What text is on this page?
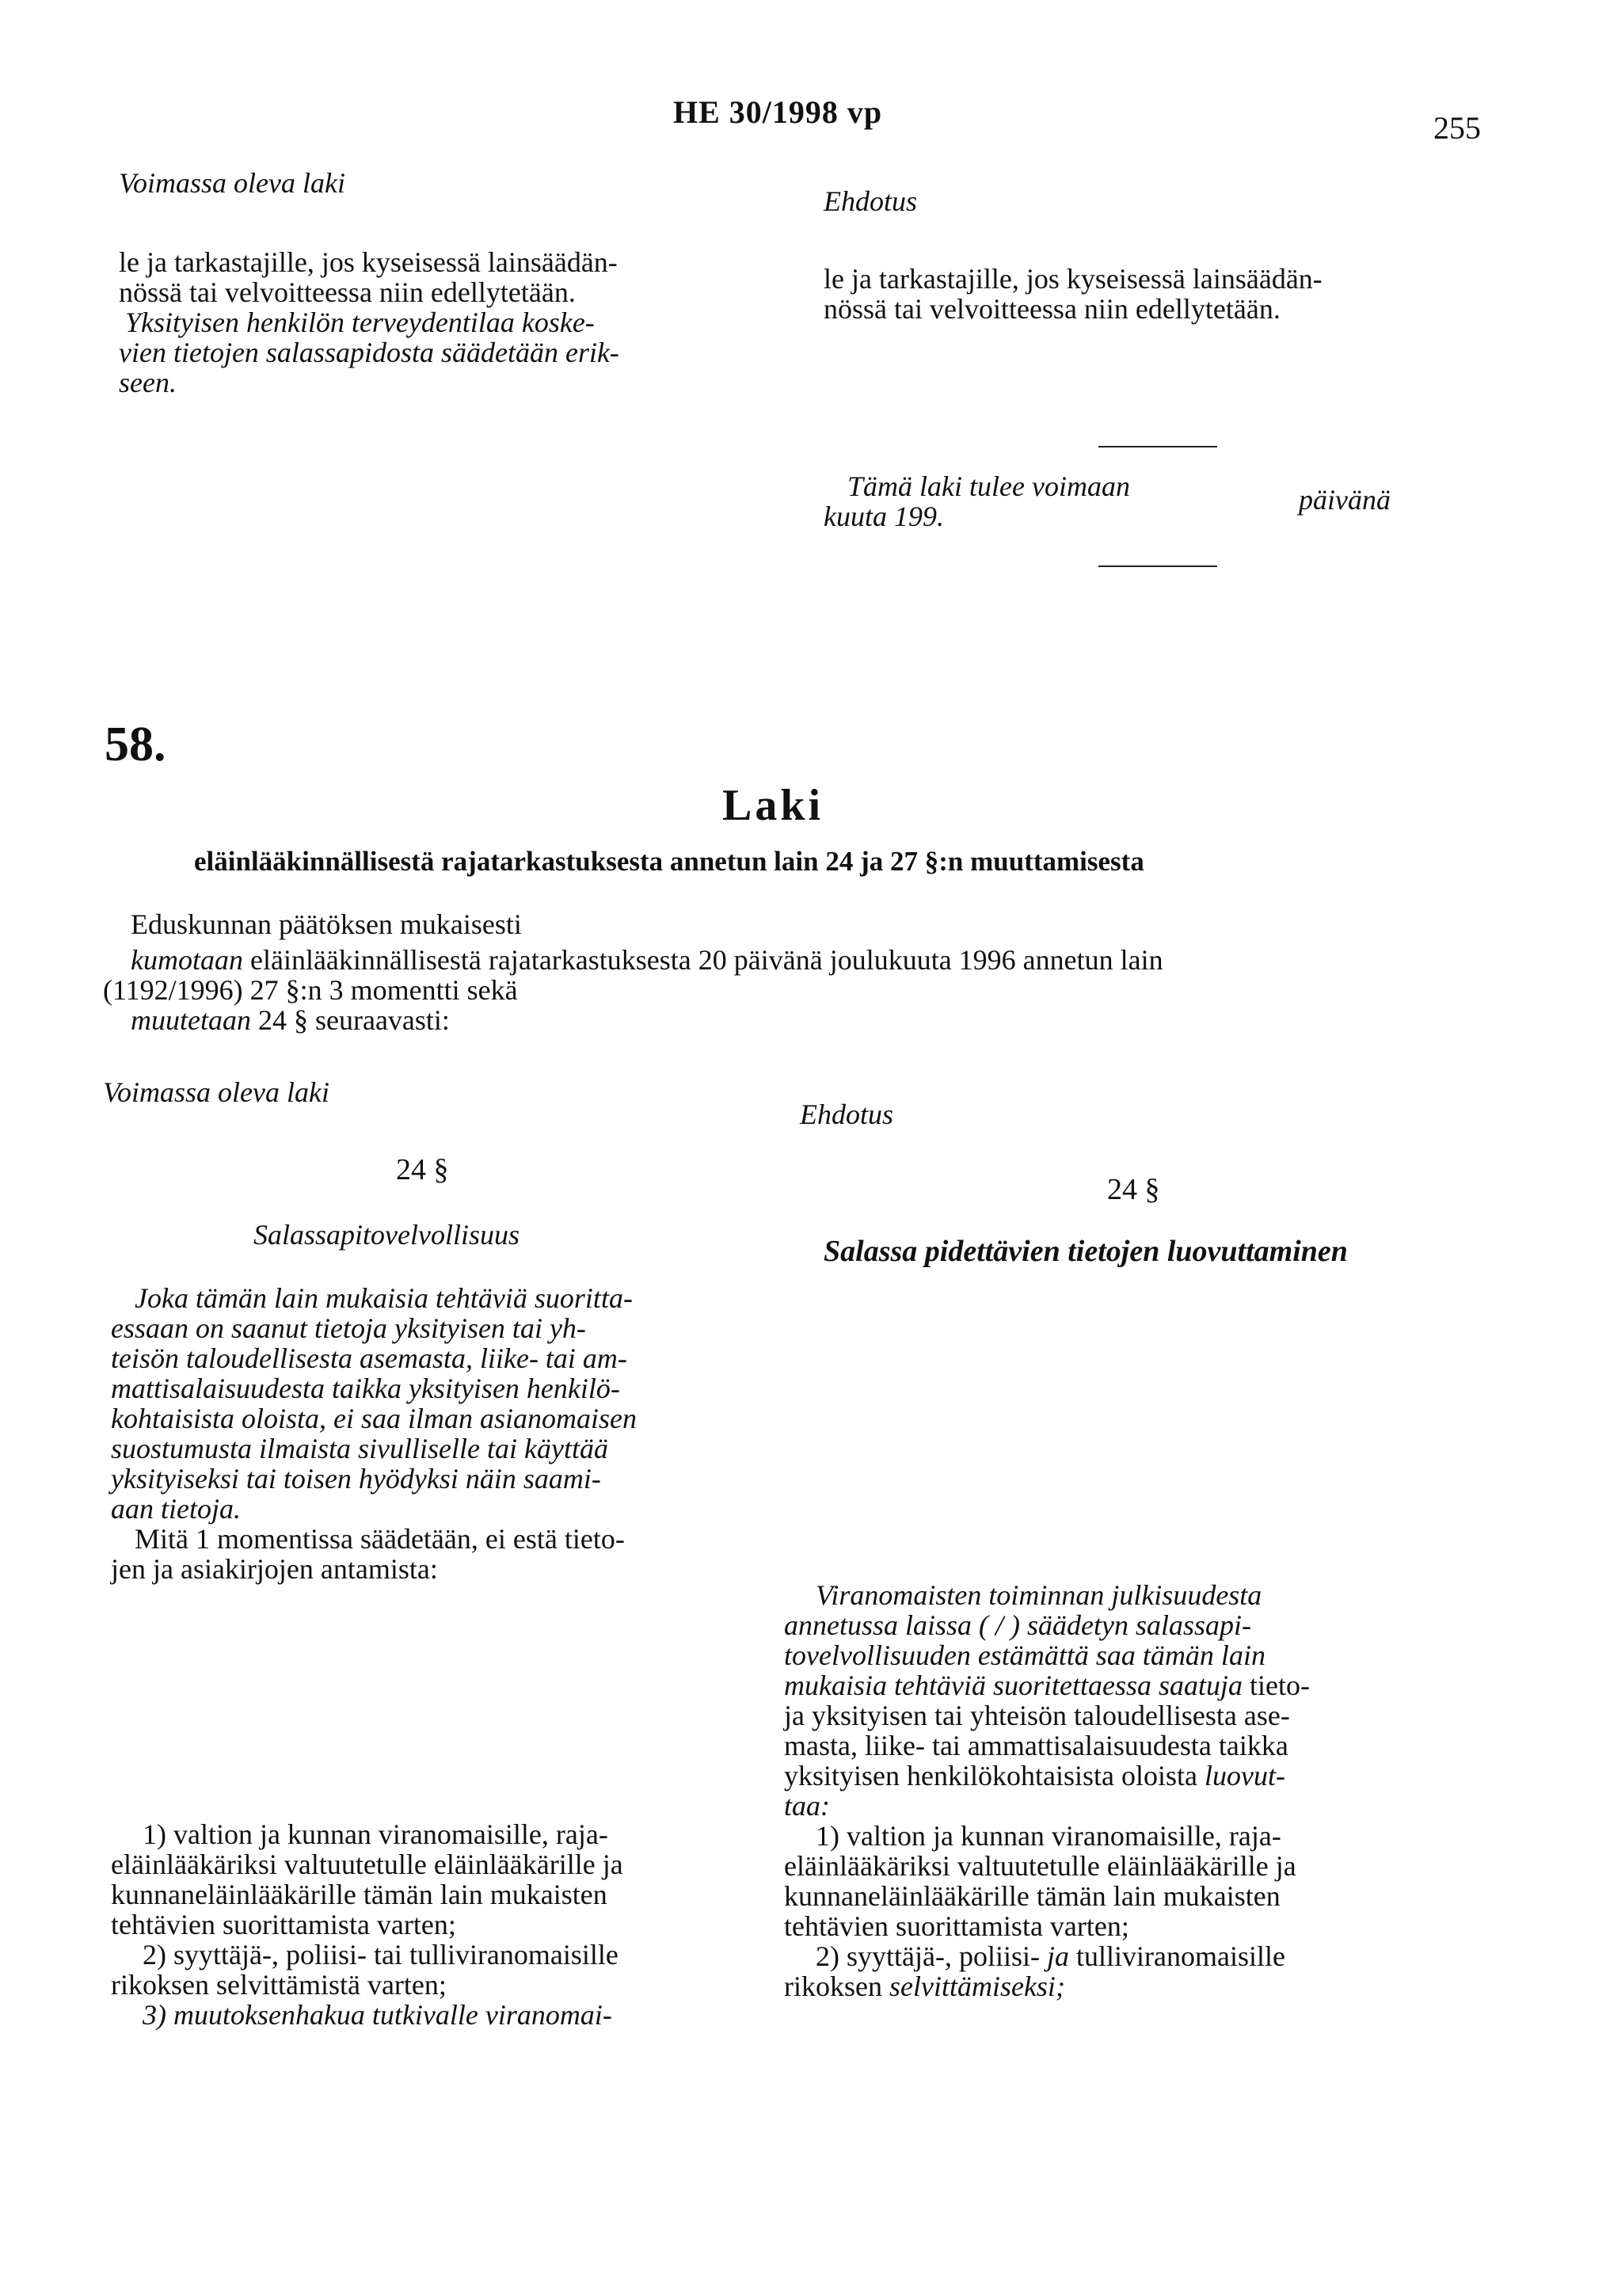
HE 30/1998 vp	255
Voimassa oleva laki
Ehdotus
le ja tarkastajille, jos kyseisessä lainsäädän-
nössä tai velvoitteessa niin edellytetään.
Yksityisen henkilön terveydentilaa koske-
vien tietojen salassapidosta säädetään erik-
seen.
le ja tarkastajille, jos kyseisessä lainsäädän-
nössä tai velvoitteessa niin edellytetään.
Tämä laki tulee voimaan
kuuta 199.
päivänä
58.
Laki
eläinlääkinnällisestä rajatarkastuksesta annetun lain 24 ja 27 §:n muuttamisesta
Eduskunnan päätöksen mukaisesti
kumotaan eläinlääkinnällisestä rajatarkastuksesta 20 päivänä joulukuuta 1996 annetun lain
(1192/1996) 27 §:n 3 momentti sekä
muutetaan 24 § seuraavasti:
Voimassa oleva laki
Ehdotus
24 §
24 §
Salassapitovelvollisuus	Salassa pidettävien tietojen luovuttaminen
Joka tämän lain mukaisia tehtäviä suoritta-
essaan on saanut tietoja yksityisen tai yh-
teisön taloudellisesta asemasta, liike- tai am-
mattisalaisuudesta taikka yksityisen henkilö-
kohtaisista oloista, ei saa ilman asianomaisen
suostumusta ilmaista sivulliselle tai käyttää
yksityiseksi tai toisen hyödyksi näin saami-
aan tietoja.
Mitä 1 momentissa säädetään, ei estä tieto-
jen ja asiakirjojen antamista:
Viranomaisten toiminnan julkisuudesta
annetussa laissa ( / ) säädetyn salassapi-
tovelvollisuuden estämättä saa tämän lain
mukaisia tehtäviä suoritettaessa saatuja tieto-
ja yksityisen tai yhteisön taloudellisesta ase-
masta, liike- tai ammattisalaisuudesta taikka
yksityisen henkilökohtaisista oloista luovut-
taa:
1) valtion ja kunnan viranomaisille, raja-
eläinlääkäriksi valtuutetulle eläinlääkärille ja
kunnaneläinlääkärille tämän lain mukaisten
tehtävien suorittamista varten;
2) syyttäjä-, poliisi- ja tulliviranomaisille
rikoksen selvittämiseksi;
1) valtion ja kunnan viranomaisille, raja-
eläinlääkäriksi valtuutetulle eläinlääkärille ja
kunnaneläinlääkärille tämän lain mukaisten
tehtävien suorittamista varten;
2) syyttäjä-, poliisi- tai tulliviranomaisille
rikoksen selvittämistä varten;
3) muutoksenhakua tutkivalle viranomai-
